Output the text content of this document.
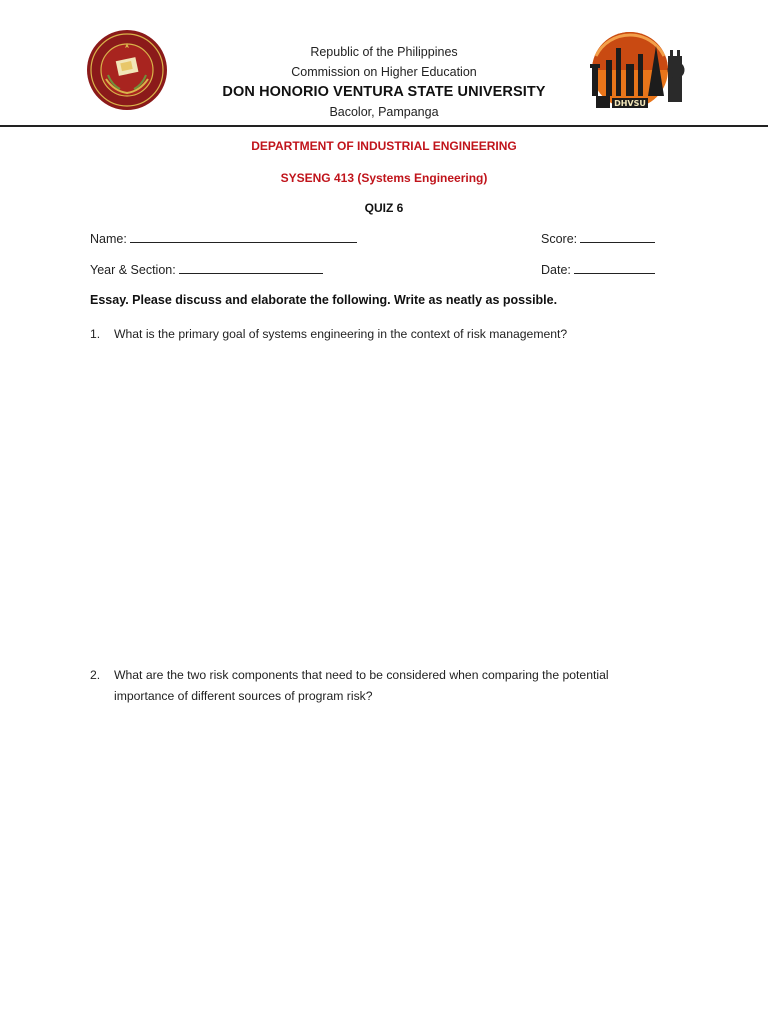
DHVSU
Republic of the Philippines
Commission on Higher Education
DON HONORIO VENTURA STATE UNIVERSITY
Bacolor, Pampanga
DEPARTMENT OF INDUSTRIAL ENGINEERING
SYSENG 413 (Systems Engineering)
QUIZ 6
Name:	Score:
Year & Section:	Date:
Essay. Please discuss and elaborate the following. Write as neatly as possible.
1. What is the primary goal of systems engineering in the context of risk management?
2. What are the two risk components that need to be considered when comparing the potential
importance of different sources of program risk?
